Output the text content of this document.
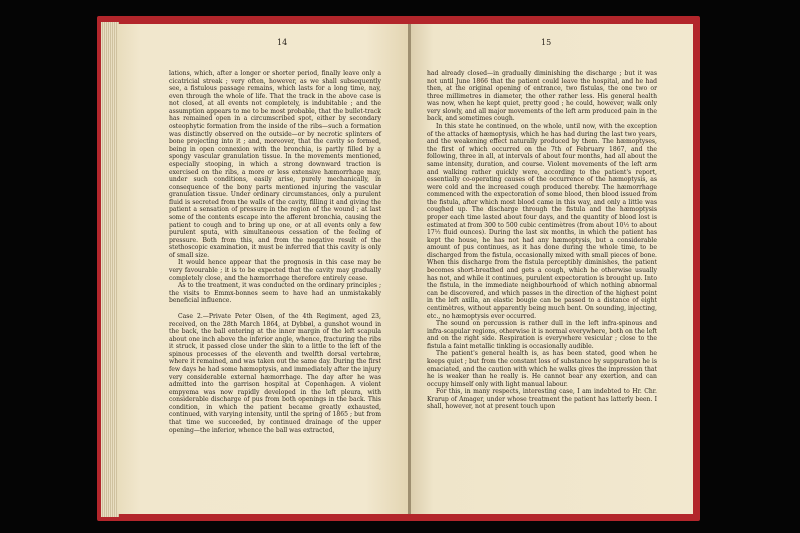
14

lations, which, after a longer or shorter period, finally leave only a cicatricial streak ; very often, however, as we shall subsequently see, a fistulous passage remains, which lasts for a long time, nay, even through the whole of life. That the track in the above case is not closed, at all events not completely, is indubitable ; and the assumption appears to me to be most probable, that the bullet-track has remained open in a circumscribed spot, either by secondary osteophytic formation from the inside of the ribs—such a formation was distinctly observed on the outside—or by necrotic splinters of bone projecting into it ; and, moreover, that the cavity so formed, being in open connexion with the bronchia, is partly filled by a spongy vascular granulation tissue. In the movements mentioned, especially stooping, in which a strong downward traction is exercised on the ribs, a more or less extensive hæmorrhage may, under such conditions, easily arise, purely mechanically, in consequence of the bony parts mentioned injuring the vascular granulation tissue. Under ordinary circumstances, only a purulent fluid is secreted from the walls of the cavity, filling it and giving the patient a sensation of pressure in the region of the wound ; at last some of the contents escape into the afferent bronchia, causing the patient to cough and to bring up one, or at all events only a few purulent sputa, with simultaneous cessation of the feeling of pressure. Both from this, and from the negative result of the stethoscopic examination, it must be inferred that this cavity is only of small size.

It would hence appear that the prognosis in this case may be very favourable ; it is to be expected that the cavity may gradually completely close, and the hæmorrhage therefore entirely cease.

As to the treatment, it was conducted on the ordinary principles ; the visits to Emmx-bonnes seem to have had an unmistakably beneficial influence.

Case 2.—Private Peter Olsen, of the 4th Regiment, aged 23, received, on the 28th March 1864, at Dybbøl, a gunshot wound in the back, the ball entering at the inner margin of the left scapula about one inch above the inferior angle, whence, fracturing the ribs it struck, it passed close under the skin to a little to the left of the spinous processes of the eleventh and twelfth dorsal vertebræ, where it remained, and was taken out the same day. During the first few days he had some hæmoptysis, and immediately after the injury very considerable external hæmorrhage. The day after he was admitted into the garrison hospital at Copenhagen. A violent empyema was now rapidly developed in the left pleura, with considerable discharge of pus from both openings in the back. This condition, in which the patient became greatly exhausted, continued, with varying intensity, until the spring of 1865 ; but from that time we succeeded, by continued drainage of the upper opening—the inferior, whence the ball was extracted,

15

had already closed—in gradually diminishing the discharge ; but it was not until June 1866 that the patient could leave the hospital, and he had then, at the original opening of entrance, two fistulas, the one two or three millimetres in diameter, the other rather less. His general health was now, when he kept quiet, pretty good ; he could, however, walk only very slowly, and all major movements of the left arm produced pain in the back, and sometimes cough.

In this state he continued, on the whole, until now, with the exception of the attacks of hæmoptysis, which he has had during the last two years, and the weakening effect naturally produced by them. The hæmoptyses, the first of which occurred on the 7th of February 1867, and the following, three in all, at intervals of about four months, had all about the same intensity, duration, and course. Violent movements of the left arm and walking rather quickly were, according to the patient's report, essentially co-operating causes of the occurrence of the hæmoptysis, as were cold and the increased cough produced thereby. The hæmorrhage commenced with the expectoration of some blood, then blood issued from the fistula, after which most blood came in this way, and only a little was coughed up. The discharge through the fistula and the hæmoptysis proper each time lasted about four days, and the quantity of blood lost is estimated at from 300 to 500 cubic centimètres (from about 10½ to about 17½ fluid ounces). During the last six months, in which the patient has kept the house, he has not had any hæmoptysis, but a considerable amount of pus continues, as it has done during the whole time, to be discharged from the fistula, occasionally mixed with small pieces of bone. When this discharge from the fistula perceptibly diminishes, the patient becomes short-breathed and gets a cough, which he otherwise usually has not, and while it continues, purulent expectoration is brought up. Into the fistula, in the immediate neighbourhood of which nothing abnormal can be discovered, and which passes in the direction of the highest point in the left axilla, an elastic bougie can be passed to a distance of eight centimètres, without apparently being much bent. On sounding, injecting, etc., no hæmoptysis ever occurred.

The sound on percussion is rather dull in the left infra-spinous and infra-scapular regions, otherwise it is normal everywhere, both on the left and on the right side. Respiration is everywhere vesicular ; close to the fistula a faint metallic tinkling is occasionally audible.

The patient's general health is, as has been stated, good when he keeps quiet ; but from the constant loss of substance by suppuration he is emaciated, and the caution with which he walks gives the impression that he is weaker than he really is. He cannot bear any exertion, and can occupy himself only with light manual labour.

For this, in many respects, interesting case, I am indebted to Hr. Chr. Krarup of Amager, under whose treatment the patient has latterly been. I shall, however, not at present touch upon
